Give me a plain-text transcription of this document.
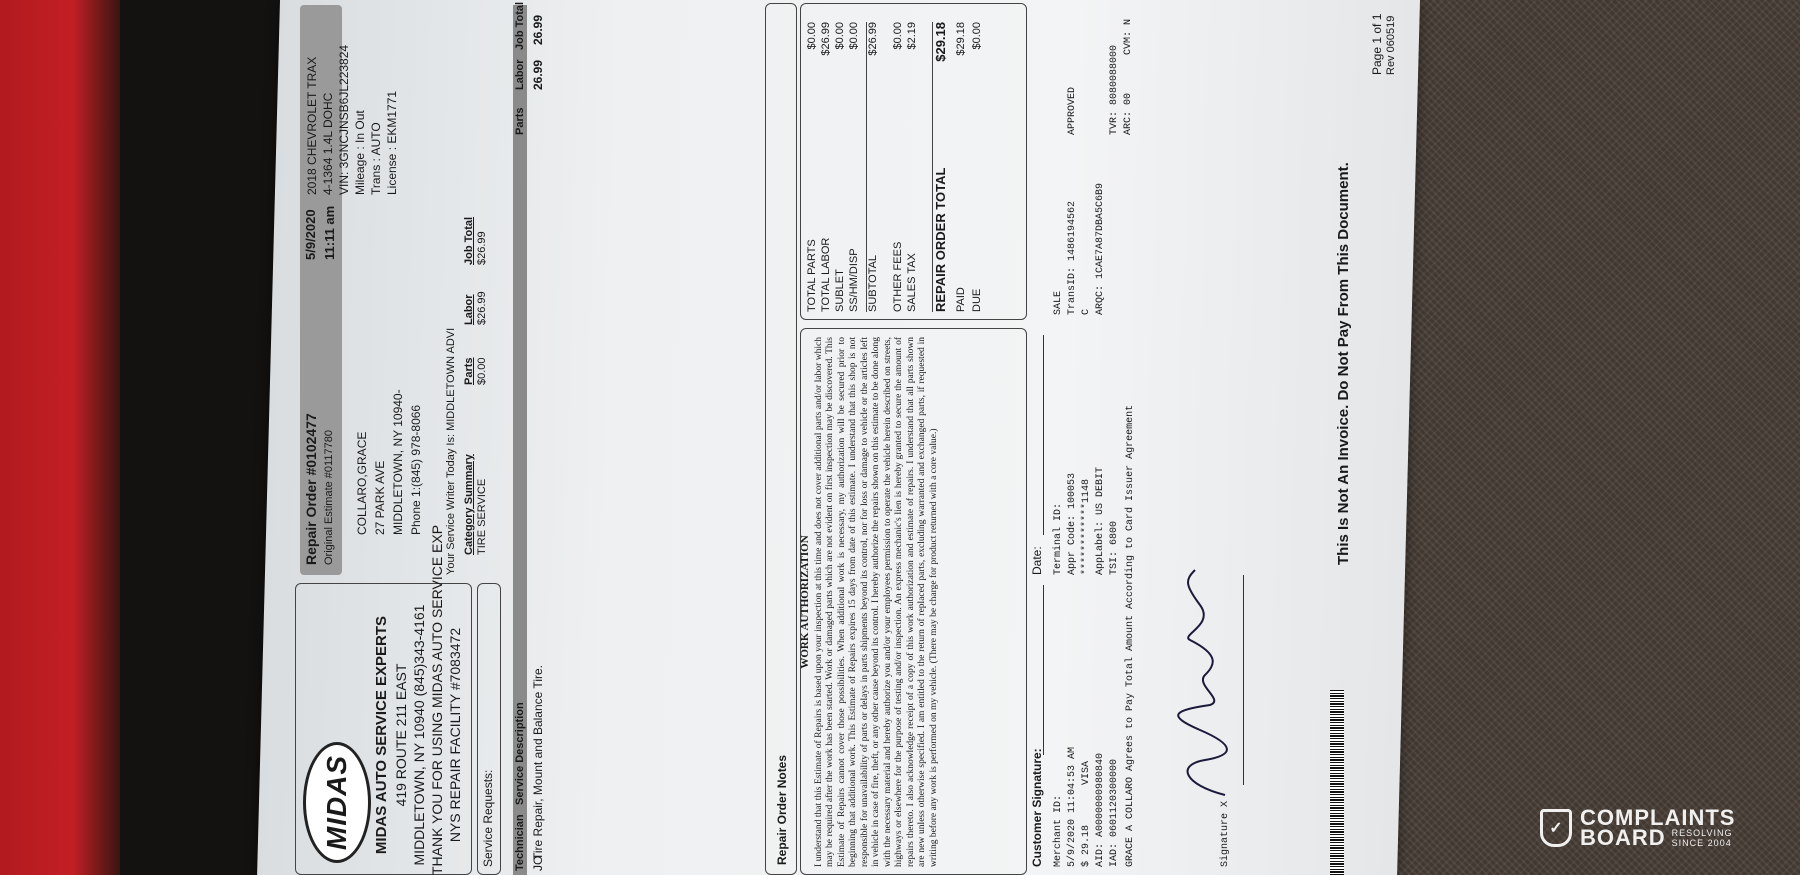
MIDAS MIDAS AUTO SERVICE EXPERTS 419 ROUTE 211 EAST MIDDLETOWN, NY 10940 (845)343-4161 THANK YOU FOR USING MIDAS AUTO SERVICE EXP NYS REPAIR FACILITY #7083472
Repair Order #0102477 Original Estimate #0117780
5/9/2020 11:11 am
COLLARO,GRACE 27 PARK AVE MIDDLETOWN, NY 10940- Phone 1:(845) 978-8066
2018 CHEVROLET TRAX 4-1364 1.4L DOHC VIN: 3GNCJNSB6JL223824 Mileage : In Out Trans : AUTO License : EKM1771
Service Requests:
Your Service Writer Today Is: MIDDLETOWN ADVI Category Summary
Parts
Labor
Job Total
TIRE SERVICE
$0.00
$26.99
$26.99
Technician
Service Description
Parts
Labor
Job Total
JO
Tire Repair, Mount and Balance Tire.
26.99
26.99
Repair Order Notes
WORK AUTHORIZATION I understand that this Estimate of Repairs is based upon your inspection at this time and does not cover additional parts and/or labor which may be required after the work has been started. Work or damaged parts which are not evident on first inspection may be discovered. This Estimate of Repairs cannot cover those possibilities. When additional work is necessary, my authorization will be secured prior to beginning that additional work. This Estimate of Repairs expires 15 days from date of this estimate. I understand that this shop is not responsible for unavailability of parts or delays in parts shipments beyond its control, nor for loss or damage to vehicle or the articles left in vehicle in case of fire, theft, or any other cause beyond its control. I hereby authorize the repairs shown on this estimate to be done along with the necessary material and hereby authorize you and/or your employees permission to operate the vehicle herein described on streets, highways or elsewhere for the purpose of testing and/or inspection. An express mechanic's lien is hereby granted to secure the amount of repairs thereto. I also acknowledge receipt of a copy of this work authorization and estimate of repairs. I understand that all parts shown are new unless otherwise specified. I am entitled to the return of replaced parts, excluding warranted and exchanged parts, if requested in writing before any work is performed on my vehicle. (There may be charge for product returned with a core value.)
TOTAL PARTS
$0.00
TOTAL LABOR
$26.99
SUBLET
$0.00
SS/HM/DISP
$0.00
SUBTOTAL
$26.99
OTHER FEES
$0.00
SALES TAX
$2.19
REPAIR ORDER TOTAL
$29.18
PAID
$29.18
DUE
$0.00
Customer Signature:
Date:
Merchant ID:
Terminal ID:
SALE
5/9/2020 11:04:53 AM
Appr Code: 100053
TransID: 1486194562
$ 29.18
VISA
************1148
C
AID: A0000000980840
AppLabel: US DEBIT
ARQC: 1CAE7A87DBA5C6B9
APPROVED
IAD: 0601120300000
TSI: 6800
TVR: 8080088000 ARC: 00
CVM: N
GRACE A COLLARO Agrees to Pay Total Amount According to Card Issuer Agreement	Signature X
This Is Not An Invoice. Do Not Pay From This Document.
Page 1 of 1 Rev 060519
✓ COMPLAINTS
BOARD RESOLVING
SINCE 2004
